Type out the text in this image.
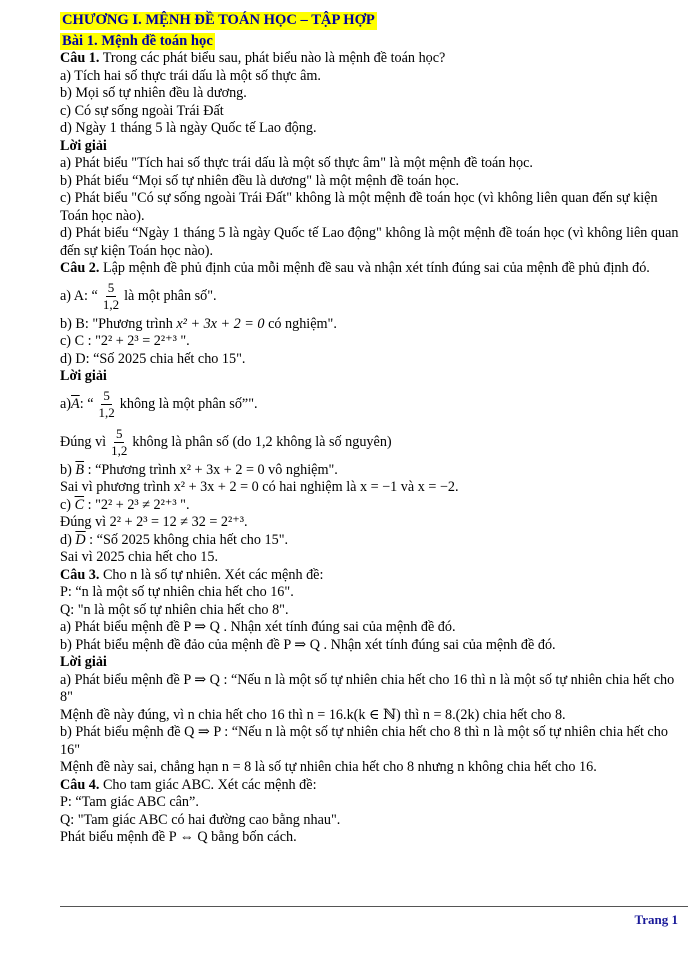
CHƯƠNG I. MỆNH ĐỀ TOÁN HỌC – TẬP HỢP
Bài 1. Mệnh đề toán học
Câu 1. Trong các phát biểu sau, phát biểu nào là mệnh đề toán học?
a) Tích hai số thực trái dấu là một số thực âm.
b) Mọi số tự nhiên đều là dương.
c) Có sự sống ngoài Trái Đất
d) Ngày 1 tháng 5 là ngày Quốc tế Lao động.
Lời giải
a) Phát biểu "Tích hai số thực trái dấu là một số thực âm" là một mệnh đề toán học.
b) Phát biểu “Mọi số tự nhiên đều là dương" là một mệnh đề toán học.
c) Phát biểu "Có sự sống ngoài Trái Đất" không là một mệnh đề toán học (vì không liên quan đến sự kiện Toán học nào).
d) Phát biểu “Ngày 1 tháng 5 là ngày Quốc tế Lao động" không là một mệnh đề toán học (vì không liên quan đến sự kiện Toán học nào).
Câu 2. Lập mệnh đề phủ định của mỗi mệnh đề sau và nhận xét tính đúng sai của mệnh đề phủ định đó.
a) A: “ $\frac{5}{1,2}$ là một phân số".
b) B: "Phương trình x² + 3x + 2 = 0 có nghiệm".
c) C : "2² + 2³ = 2²⁺³ ".
d) D: “Số 2025 chia hết cho 15".
Lời giải
a) $\overline{A}$ : “ $\frac{5}{1,2}$ không là một phân số”".
Đúng vì $\frac{5}{1,2}$ không là phân số (do 1,2 không là số nguyên)
b) $\overline{B}$ : “Phương trình x² + 3x + 2 = 0 vô nghiệm".
Sai vì phương trình x² + 3x + 2 = 0 có hai nghiệm là x = −1 và x = −2.
c) $\overline{C}$ : "2² + 2³ ≠ 2²⁺³ ".
Đúng vì 2² + 2³ = 12 ≠ 32 = 2²⁺³.
d) $\overline{D}$ : “Số 2025 không chia hết cho 15".
Sai vì 2025 chia hết cho 15.
Câu 3. Cho n là số tự nhiên. Xét các mệnh đề:
P: “n là một số tự nhiên chia hết cho 16".
Q: "n là một số tự nhiên chia hết cho 8".
a) Phát biểu mệnh đề P ⇒ Q . Nhận xét tính đúng sai của mệnh đề đó.
b) Phát biểu mệnh đề đảo của mệnh đề P ⇒ Q . Nhận xét tính đúng sai của mệnh đề đó.
Lời giải
a) Phát biểu mệnh đề P ⇒ Q : “Nếu n là một số tự nhiên chia hết cho 16 thì n là một số tự nhiên chia hết cho 8"
Mệnh đề này đúng, vì n chia hết cho 16 thì n = 16.k(k ∈ ℕ) thì n = 8.(2k) chia hết cho 8.
b) Phát biểu mệnh đề Q ⇒ P : “Nếu n là một số tự nhiên chia hết cho 8 thì n là một số tự nhiên chia hết cho 16"
Mệnh đề này sai, chẳng hạn n = 8 là số tự nhiên chia hết cho 8 nhưng n không chia hết cho 16.
Câu 4. Cho tam giác ABC. Xét các mệnh đề:
P: “Tam giác ABC cân”.
Q: "Tam giác ABC có hai đường cao bằng nhau".
Phát biểu mệnh đề P ⇔ Q bằng bốn cách.
Trang 1
